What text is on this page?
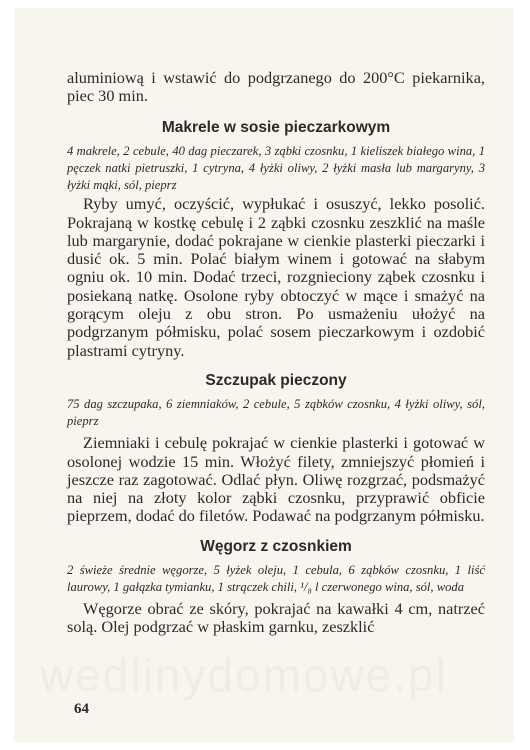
wedlinydomowe.pl

aluminiową i wstawić do podgrzanego do 200°C piekarnika, piec 30 min.

Makrele w sosie pieczarkowym

4 makrele, 2 cebule, 40 dag pieczarek, 3 ząbki czosnku, 1 kieliszek białego wina, 1 pęczek natki pietruszki, 1 cytryna, 4 łyżki oliwy, 2 łyżki masła lub margaryny, 3 łyżki mąki, sól, pieprz

Ryby umyć, oczyścić, wypłukać i osuszyć, lekko posolić. Pokrajaną w kostkę cebulę i 2 ząbki czosnku zeszklić na maśle lub margarynie, dodać pokrajane w cienkie plasterki pieczarki i dusić ok. 5 min. Polać białym winem i gotować na słabym ogniu ok. 10 min. Dodać trzeci, rozgnieciony ząbek czosnku i posiekaną natkę. Osolone ryby obtoczyć w mące i smażyć na gorącym oleju z obu stron. Po usmażeniu ułożyć na podgrzanym półmisku, polać sosem pieczarkowym i ozdobić plastrami cytryny.

Szczupak pieczony

75 dag szczupaka, 6 ziemniaków, 2 cebule, 5 ząbków czosnku, 4 łyżki oliwy, sól, pieprz

Ziemniaki i cebulę pokrajać w cienkie plasterki i gotować w osolonej wodzie 15 min. Włożyć filety, zmniejszyć płomień i jeszcze raz zagotować. Odlać płyn. Oliwę rozgrzać, podsmażyć na niej na złoty kolor ząbki czosnku, przyprawić obficie pieprzem, dodać do filetów. Podawać na podgrzanym półmisku.

Węgorz z czosnkiem

2 świeże średnie węgorze, 5 łyżek oleju, 1 cebula, 6 ząbków czosnku, 1 liść laurowy, 1 gałązka tymianku, 1 strączek chili, ¹/₈ l czerwonego wina, sól, woda

Węgorze obrać ze skóry, pokrajać na kawałki 4 cm, natrzeć solą. Olej podgrzać w płaskim garnku, zeszklić

64
